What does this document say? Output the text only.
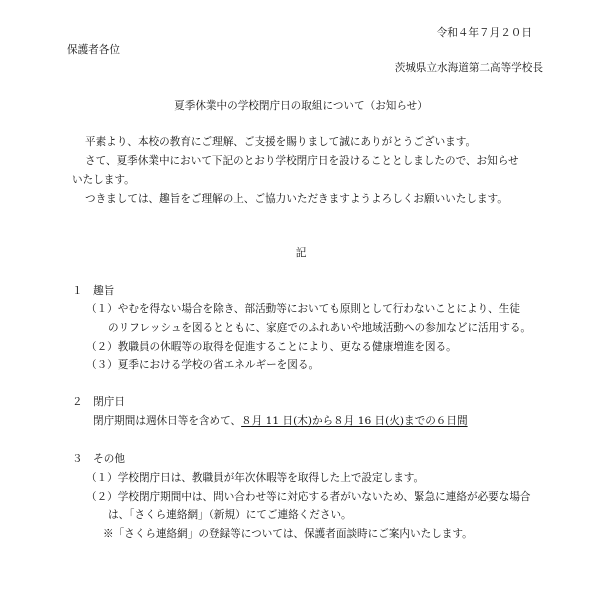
令和４年７月２０日
保護者各位
茨城県立水海道第二高等学校長
夏季休業中の学校閉庁日の取組について（お知らせ）
平素より、本校の教育にご理解、ご支援を賜りまして誠にありがとうございます。
さて、夏季休業中において下記のとおり学校閉庁日を設けることとしましたので、お知らせ
いたします。
つきましては、趣旨をご理解の上、ご協力いただきますようよろしくお願いいたします。
記
１　趣旨
（１）やむを得ない場合を除き、部活動等においても原則として行わないことにより、生徒
のリフレッシュを図るとともに、家庭でのふれあいや地域活動への参加などに活用する。
（２）教職員の休暇等の取得を促進することにより、更なる健康増進を図る。
（３）夏季における学校の省エネルギーを図る。
２　閉庁日
閉庁期間は週休日等を含めて、８月 11 日(木)から８月 16 日(火)までの６日間
３　その他
（１）学校閉庁日は、教職員が年次休暇等を取得した上で設定します。
（２）学校閉庁期間中は、問い合わせ等に対応する者がいないため、緊急に連絡が必要な場合
は、「さくら連絡網」（新規）にてご連絡ください。
※「さくら連絡網」の登録等については、保護者面談時にご案内いたします。
